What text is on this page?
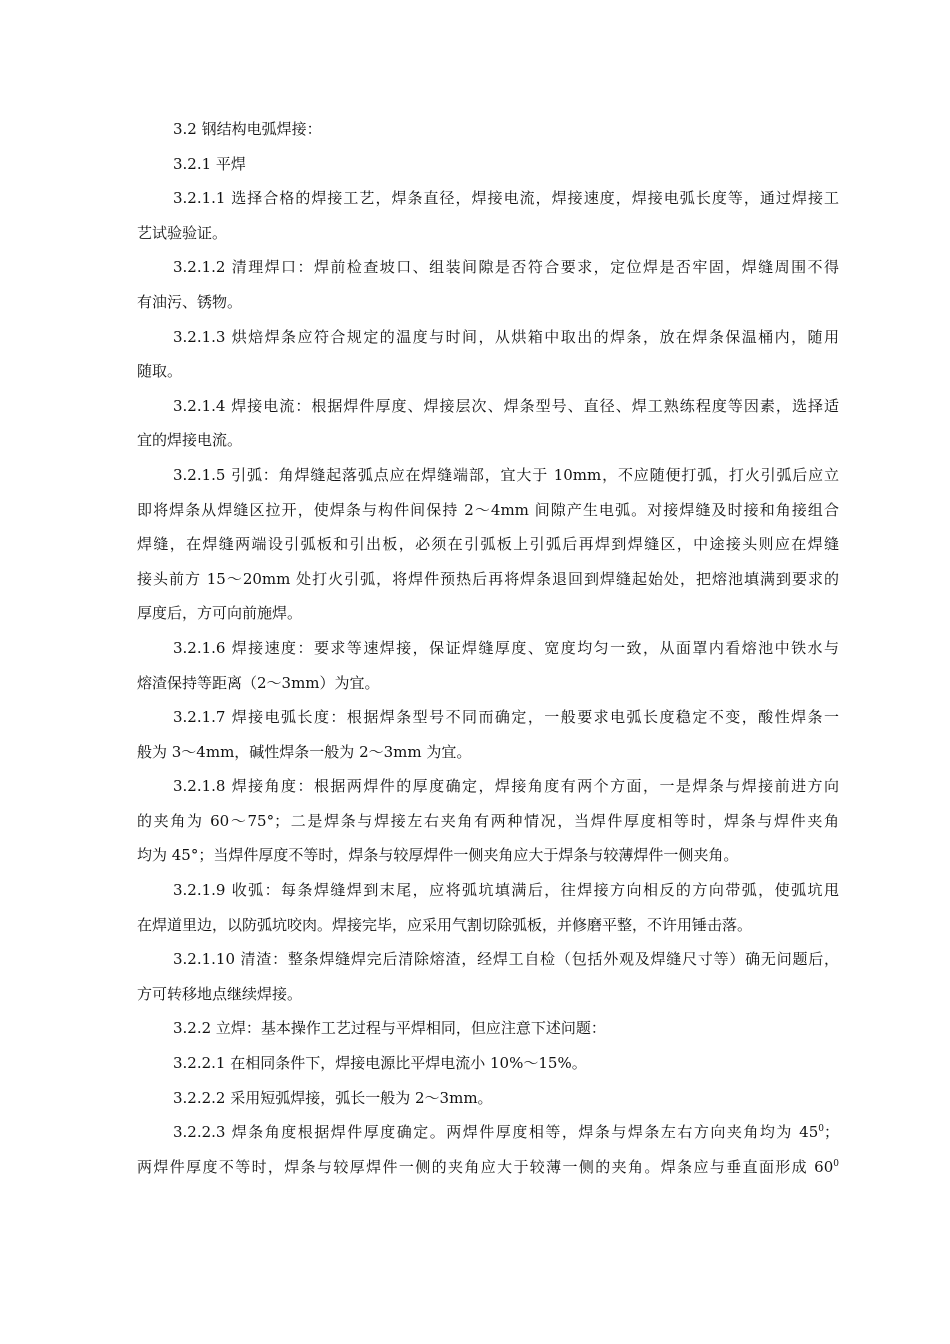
3.2 钢结构电弧焊接：

3.2.1 平焊

3.2.1.1 选择合格的焊接工艺，焊条直径，焊接电流，焊接速度，焊接电弧长度等，通过焊接工
艺试验验证。

3.2.1.2 清理焊口：焊前检查坡口、组装间隙是否符合要求，定位焊是否牢固，焊缝周围不得
有油污、锈物。

3.2.1.3 烘焙焊条应符合规定的温度与时间，从烘箱中取出的焊条，放在焊条保温桶内，随用
随取。

3.2.1.4 焊接电流：根据焊件厚度、焊接层次、焊条型号、直径、焊工熟练程度等因素，选择适
宜的焊接电流。

3.2.1.5 引弧：角焊缝起落弧点应在焊缝端部，宜大于 10mm，不应随便打弧，打火引弧后应立
即将焊条从焊缝区拉开，使焊条与构件间保持 2～4mm 间隙产生电弧。对接焊缝及时接和角接组合
焊缝，在焊缝两端设引弧板和引出板，必须在引弧板上引弧后再焊到焊缝区，中途接头则应在焊缝
接头前方 15～20mm 处打火引弧，将焊件预热后再将焊条退回到焊缝起始处，把熔池填满到要求的
厚度后，方可向前施焊。

3.2.1.6 焊接速度：要求等速焊接，保证焊缝厚度、宽度均匀一致，从面罩内看熔池中铁水与
熔渣保持等距离（2～3mm）为宜。

3.2.1.7 焊接电弧长度：根据焊条型号不同而确定，一般要求电弧长度稳定不变，酸性焊条一
般为 3～4mm，碱性焊条一般为 2～3mm 为宜。

3.2.1.8 焊接角度：根据两焊件的厚度确定，焊接角度有两个方面，一是焊条与焊接前进方向
的夹角为 60～75°；二是焊条与焊接左右夹角有两种情况，当焊件厚度相等时，焊条与焊件夹角
均为 45°；当焊件厚度不等时，焊条与较厚焊件一侧夹角应大于焊条与较薄焊件一侧夹角。

3.2.1.9 收弧：每条焊缝焊到末尾，应将弧坑填满后，往焊接方向相反的方向带弧，使弧坑甩
在焊道里边，以防弧坑咬肉。焊接完毕，应采用气割切除弧板，并修磨平整，不许用锤击落。

3.2.1.10 清渣：整条焊缝焊完后清除熔渣，经焊工自检（包括外观及焊缝尺寸等）确无问题后，
方可转移地点继续焊接。

3.2.2 立焊：基本操作工艺过程与平焊相同，但应注意下述问题：

3.2.2.1 在相同条件下，焊接电源比平焊电流小 10%～15%。

3.2.2.2 采用短弧焊接，弧长一般为 2～3mm。

3.2.2.3 焊条角度根据焊件厚度确定。两焊件厚度相等，焊条与焊条左右方向夹角均为 $45^0$；
两焊件厚度不等时，焊条与较厚焊件一侧的夹角应大于较薄一侧的夹角。焊条应与垂直面形成 $60^0$
